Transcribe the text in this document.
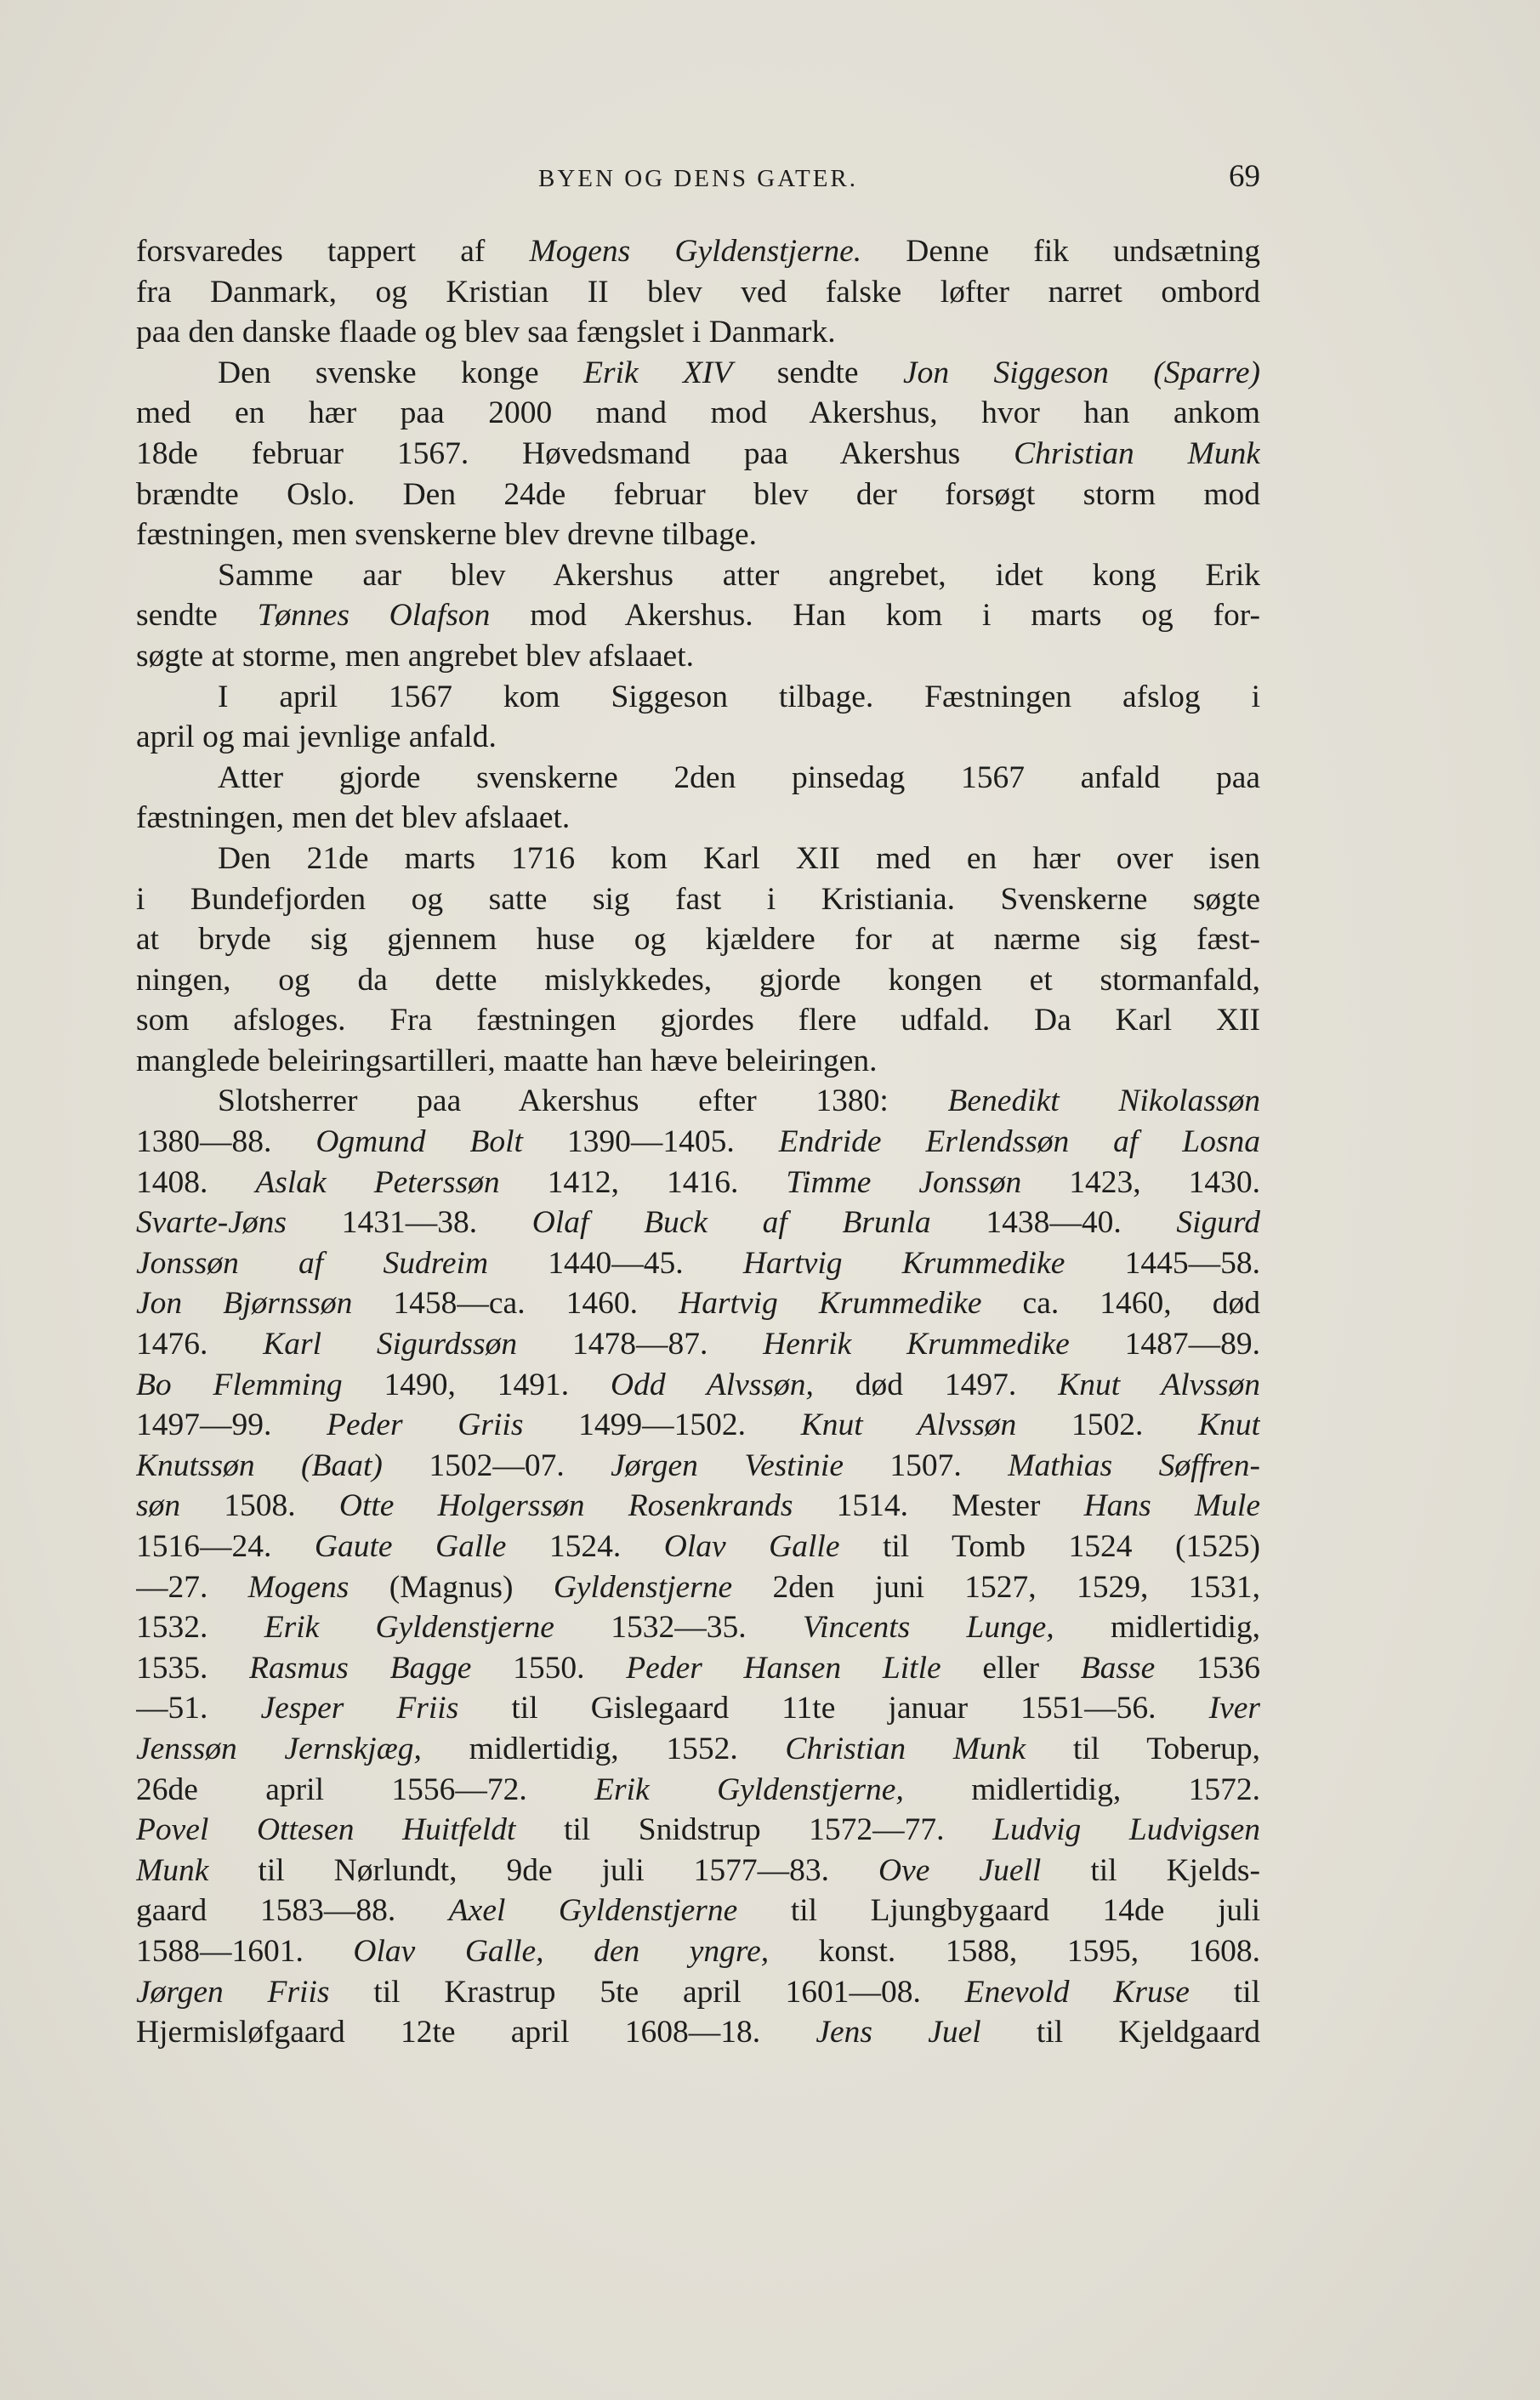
BYEN OG DENS GATER.	69
forsvaredes tappert af Mogens Gyldenstjerne. Denne fik undsætning
fra Danmark, og Kristian II blev ved falske løfter narret ombord
paa den danske flaade og blev saa fængslet i Danmark.
Den svenske konge Erik XIV sendte Jon Siggeson (Sparre)
med en hær paa 2000 mand mod Akershus, hvor han ankom
18de februar 1567. Høvedsmand paa Akershus Christian Munk
brændte Oslo. Den 24de februar blev der forsøgt storm mod
fæstningen, men svenskerne blev drevne tilbage.
Samme aar blev Akershus atter angrebet, idet kong Erik
sendte Tønnes Olafson mod Akershus. Han kom i marts og for-
søgte at storme, men angrebet blev afslaaet.
I april 1567 kom Siggeson tilbage. Fæstningen afslog i
april og mai jevnlige anfald.
Atter gjorde svenskerne 2den pinsedag 1567 anfald paa
fæstningen, men det blev afslaaet.
Den 21de marts 1716 kom Karl XII med en hær over isen
i Bundefjorden og satte sig fast i Kristiania. Svenskerne søgte
at bryde sig gjennem huse og kjældere for at nærme sig fæst-
ningen, og da dette mislykkedes, gjorde kongen et stormanfald,
som afsloges. Fra fæstningen gjordes flere udfald. Da Karl XII
manglede beleiringsartilleri, maatte han hæve beleiringen.
Slotsherrer paa Akershus efter 1380: Benedikt Nikolassøn
1380—88. Ogmund Bolt 1390—1405. Endride Erlendssøn af Losna
1408. Aslak Peterssøn 1412, 1416. Timme Jonssøn 1423, 1430.
Svarte-Jøns 1431—38. Olaf Buck af Brunla 1438—40. Sigurd
Jonssøn af Sudreim 1440—45. Hartvig Krummedike 1445—58.
Jon Bjørnssøn 1458—ca. 1460. Hartvig Krummedike ca. 1460, død
1476. Karl Sigurdssøn 1478—87. Henrik Krummedike 1487—89.
Bo Flemming 1490, 1491. Odd Alvssøn, død 1497. Knut Alvssøn
1497—99. Peder Griis 1499—1502. Knut Alvssøn 1502. Knut
Knutssøn (Baat) 1502—07. Jørgen Vestinie 1507. Mathias Søffren-
søn 1508. Otte Holgerssøn Rosenkrands 1514. Mester Hans Mule
1516—24. Gaute Galle 1524. Olav Galle til Tomb 1524 (1525)
—27. Mogens (Magnus) Gyldenstjerne 2den juni 1527, 1529, 1531,
1532. Erik Gyldenstjerne 1532—35. Vincents Lunge, midlertidig,
1535. Rasmus Bagge 1550. Peder Hansen Litle eller Basse 1536
—51. Jesper Friis til Gislegaard 11te januar 1551—56. Iver
Jenssøn Jernskjæg, midlertidig, 1552. Christian Munk til Toberup,
26de april 1556—72. Erik Gyldenstjerne, midlertidig, 1572.
Povel Ottesen Huitfeldt til Snidstrup 1572—77. Ludvig Ludvigsen
Munk til Nørlundt, 9de juli 1577—83. Ove Juell til Kjelds-
gaard 1583—88. Axel Gyldenstjerne til Ljungbygaard 14de juli
1588—1601. Olav Galle, den yngre, konst. 1588, 1595, 1608.
Jørgen Friis til Krastrup 5te april 1601—08. Enevold Kruse til
Hjermisløfgaard 12te april 1608—18. Jens Juel til Kjeldgaard
